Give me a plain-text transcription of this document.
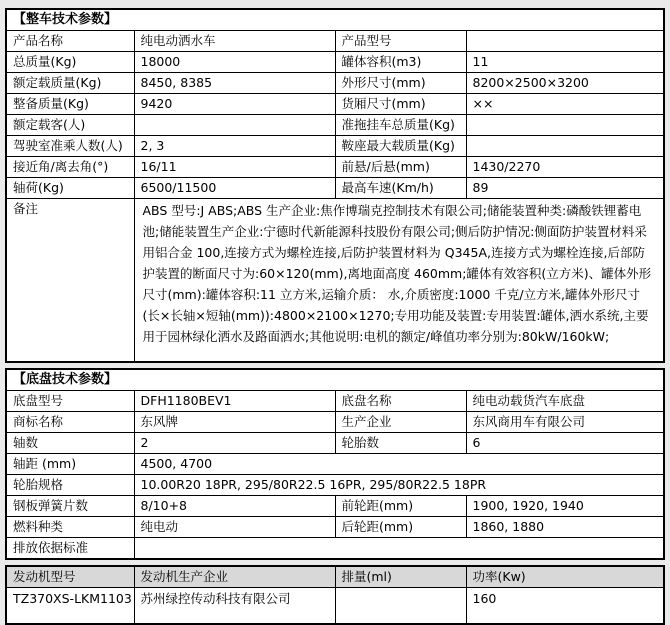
【整车技术参数】			
产品名称	纯电动洒水车	产品型号	
总质量(Kg)	18000	罐体容积(m3)	11
额定载质量(Kg)	8450, 8385	外形尺寸(mm)	8200×2500×3200
整备质量(Kg)	9420	货厢尺寸(mm)	××
额定载客(人)		准拖挂车总质量(Kg)	
驾驶室准乘人数(人)	2, 3	鞍座最大载质量(Kg)	
接近角/离去角(°)	16/11	前悬/后悬(mm)	1430/2270
轴荷(Kg)	6500/11500	最高车速(Km/h)	89
备注	ABS 型号:J ABS;ABS 生产企业:焦作博瑞克控制技术有限公司;储能装置种类:磷酸铁锂蓄电池;储能装置生产企业:宁德时代新能源科技股份有限公司;侧后防护情况:侧面防护装置材料采用铝合金 100,连接方式为螺栓连接,后防护装置材料为 Q345A,连接方式为螺栓连接,后部防护装置的断面尺寸为:60×120(mm),离地面高度 460mm;罐体有效容积(立方米)、罐体外形尺寸(mm):罐体容积:11 立方米,运输介质： 水,介质密度:1000 千克/立方米,罐体外形尺寸(长×长轴×短轴(mm)):4800×2100×1270;专用功能及装置:专用装置:罐体,洒水系统,主要用于园林绿化洒水及路面洒水;其他说明:电机的额定/峰值功率分别为:80kW/160kW;		
【底盘技术参数】			
底盘型号	DFH1180BEV1	底盘名称	纯电动载货汽车底盘
商标名称	东风牌	生产企业	东风商用车有限公司
轴数	2	轮胎数	6
轴距 (mm)	4500, 4700		
轮胎规格	10.00R20 18PR, 295/80R22.5 16PR, 295/80R22.5 18PR		
钢板弹簧片数	8/10+8	前轮距(mm)	1900, 1920, 1940
燃料种类	纯电动	后轮距(mm)	1860, 1880
排放依据标准			
发动机型号	发动机生产企业	排量(ml)	功率(Kw)
TZ370XS-LKM1103	苏州绿控传动科技有限公司		160
